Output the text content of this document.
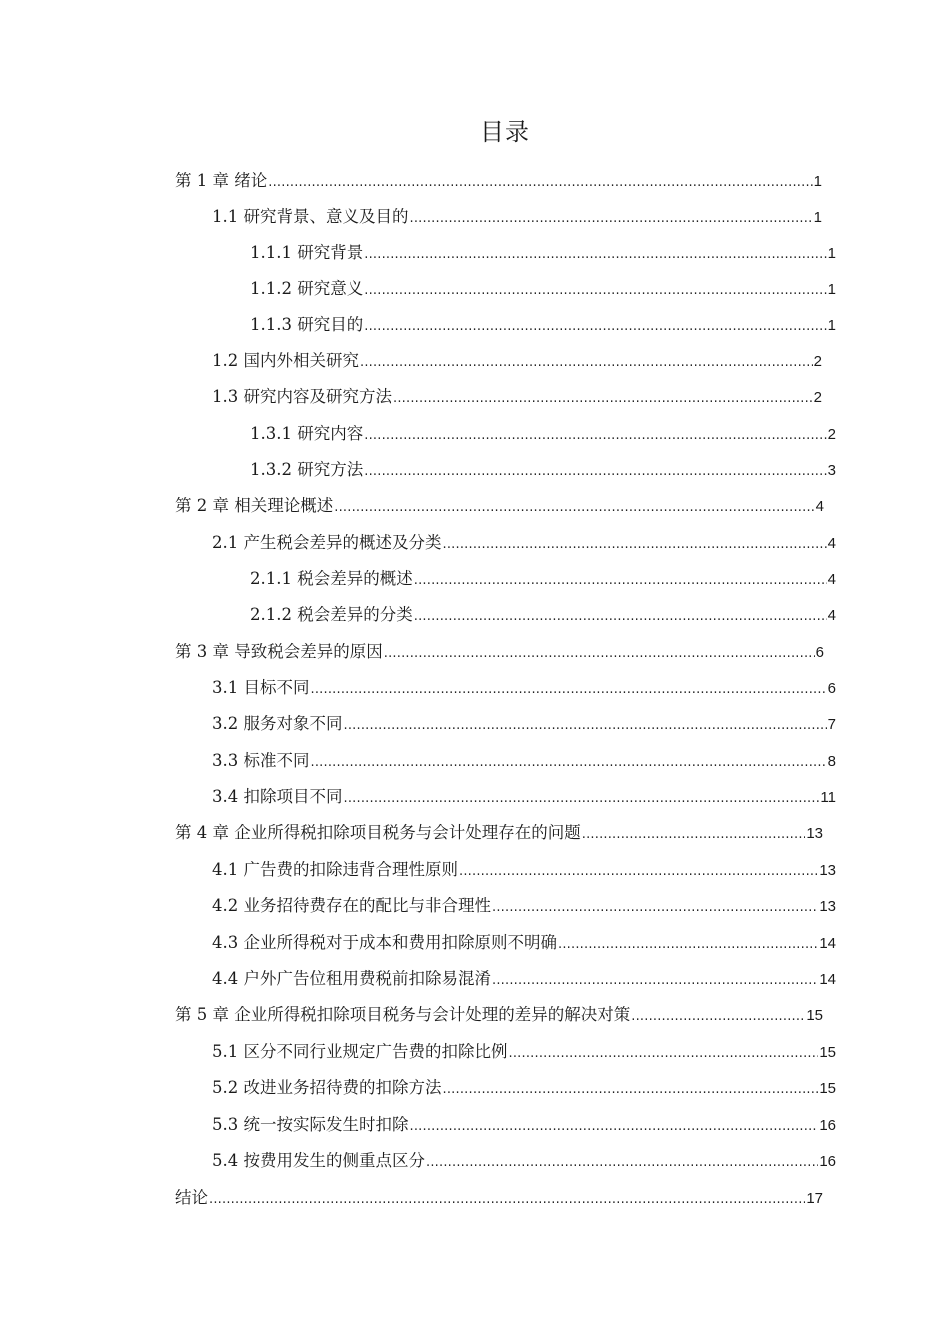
目录
第 1 章 绪论 .....	1
1.1 研究背景、意义及目的 .....	1
1.1.1 研究背景 .....	1
1.1.2 研究意义 .....	1
1.1.3 研究目的 .....	1
1.2 国内外相关研究 .....	2
1.3 研究内容及研究方法 .....	2
1.3.1 研究内容 .....	2
1.3.2 研究方法 .....	3
第 2 章 相关理论概述 .....	4
2.1 产生税会差异的概述及分类 .....	4
2.1.1 税会差异的概述 .....	4
2.1.2 税会差异的分类 .....	4
第 3 章 导致税会差异的原因 .....	6
3.1 目标不同 .....	6
3.2 服务对象不同 .....	7
3.3 标准不同 .....	8
3.4 扣除项目不同 .....	11
第 4 章 企业所得税扣除项目税务与会计处理存在的问题 .....	13
4.1 广告费的扣除违背合理性原则 .....	13
4.2 业务招待费存在的配比与非合理性 .....	13
4.3 企业所得税对于成本和费用扣除原则不明确 .....	14
4.4 户外广告位租用费税前扣除易混淆 .....	14
第 5 章 企业所得税扣除项目税务与会计处理的差异的解决对策 .....	15
5.1 区分不同行业规定广告费的扣除比例 .....	15
5.2 改进业务招待费的扣除方法 .....	15
5.3 统一按实际发生时扣除 .....	16
5.4 按费用发生的侧重点区分 .....	16
结论 .....	17
